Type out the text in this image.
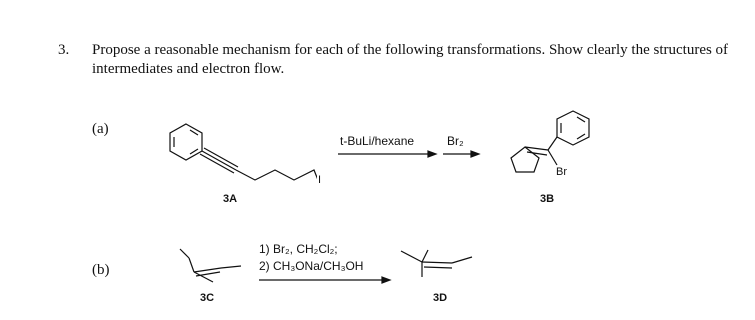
3. Propose a reasonable mechanism for each of the following transformations. Show clearly the structures of intermediates and electron flow.
(a)
(b)
I
Br
t-BuLi/hexane	Br₂
1) Br₂, CH₂Cl₂;
2) CH₃ONa/CH₃OH
3A	3B
3C	3D
